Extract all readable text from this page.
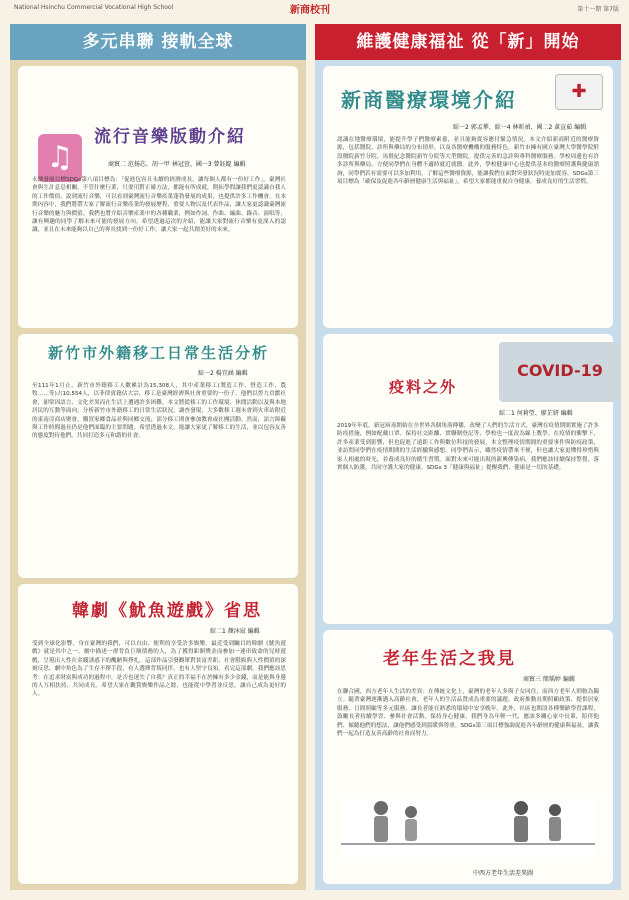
National Hsinchu Commercial Vocational High School	新商校刊	第十一期 第7版
多元串聯 接軌全球
♫
流行音樂版動介紹
商貿二 范扬芯、胡一甲 林冠萱、國一3 曾鈺緹 編輯
永續發展目標SDGs第八項目標為：「促進包容且永續的經濟成長，讓每個人都有一份好工作」。臺灣社會與生計息息相關，不管什麼行業，只要用對正確方法，都能有所成就，開拓學問讓我們更認識自我人的工作價值。說到流行音樂，可以看到臺灣流行音樂產業蓬勃發展的成果，也提供許多工作機會。在本期內容中，我們將帶大家了解流行音樂產業的發展歷程、重要人物以及代表作品，讓大家更認識臺灣流行音樂的魅力與價值。我們也將介紹音樂產業中的各種職業，例如作詞、作曲、編曲、錄音、演唱等，讓有興趣的同學了解未來可能的發展方向。希望透過這次的介紹，能讓大家對流行音樂有更深入的認識，並且在未來能夠以自己的專長找到一份好工作，讓大家一起共創美好的未來。
新竹市外籍移工日常生活分析
綜一2 楊宜涵 編輯
至111年1月止，新竹市外籍移工人數累計為15,308人，其中產業移工(製造工作、營造工作、農牧……等)占10,554人，以菲律賓籍佔大宗。移工是臺灣經濟與社會重要的一份子，他們以勞力貢獻社會，卻常因語言、文化差異而在生活上遭遇許多困難。本文將從移工的工作環境、休閒活動以及與本地居民的互動等面向，分析新竹市外籍移工的日常生活狀況。調查發現，大多數移工週末會到火車站附近的東南亞商店聚會，購買家鄉食品並與同鄉交流；部分移工則會參加教會或社團活動。然而，語言障礙與工作時間過長仍是他們面臨的主要問題。希望透過本文，能讓大家更了解移工的生活，並以包容友善的態度對待他們，共同打造多元和諧的社會。
韓劇《魷魚遊戲》省思
綜二1 顏沐宸 編輯
受到全球化影響，身在臺灣的我們，可以自由、便利的享受許多娛樂，最近受到矚目的韓劇《魷魚遊戲》就是其中之一。劇中描述一群背負巨額債務的人，為了獲得鉅額獎金而參加一連串致命的兒時遊戲，呈現出人性在金錢誘惑下的醜陋與掙扎。這部作品引發觀眾對貧富差距、社會階級與人性價值的深刻反思。劇中角色為了生存不擇手段，有人選擇背叛同伴，也有人堅守良知。看完這部劇，我們應該思考：在追求財富與成功的過程中，是否也迷失了自我？真正的幸福不在於擁有多少金錢，而是能與身邊的人互相扶持、共同成長。希望大家在觀賞娛樂作品之餘，也能從中學習並反思，讓自己成為更好的人。
維護健康福祉 從「新」開始
新商醫療環境介紹	✚
綜一2 郭孟華、綜一4 林昕禎、國二2 黃宣茹 編輯
認識在地醫療環境，能提升學子們醫療素養，並且能夠從容應付緊急情況。本文介紹新商附近的醫療資源，包括醫院、診所與藥局的分布情形，以及各醫療機構的服務特色。新竹市擁有國立臺灣大學醫學院附設醫院新竹分院、馬偕紀念醫院新竹分院等大型醫院，提供完善的急診與專科醫療服務。學校周邊也有許多診所與藥局，方便同學們在身體不適時就近就醫。此外，學校健康中心也提供基本的醫療照護與健康諮詢，同學們若有需要可以多加利用。了解這些醫療資源，能讓我們在面對突發狀況時更加從容。SDGs第三項目標為「確保及促進各年齡層健康生活與福祉」，希望大家都能重視自身健康，養成良好的生活習慣。
疫料之外
COVID-19
綜二1 何莉瑩、廖芷妍 編輯
2019年年底，新冠病毒開始在全世界各個角落傳播，改變了人們的生活方式。臺灣在疫情期間實施了許多防疫措施，例如配戴口罩、保持社交距離、實聯制登記等，學校也一度改為線上教學。在疫情的衝擊下，許多產業受到影響，但也促進了遠距工作與數位科技的發展。本文整理疫情期間的重要事件與防疫政策，並訪問同學們在疫情期間的生活經驗與感想。同學們表示，雖然疫情帶來不便，但也讓大家更懂得珍惜與家人相處的時光，並養成良好的衛生習慣。面對未來可能出現的新興傳染病，我們應該持續保持警覺，落實個人防護，共同守護大家的健康。SDGs 3「健康與福祉」提醒我們，健康是一切的基礎。
老年生活之我見
商貿三 簡瑀婷 編輯
在聯合國，西方老年人生活的差異：在傳統文化上，臺灣的老年人多與子女同住，而西方老年人則較為獨立。隨著臺灣逐漸邁入高齡社會，老年人的生活品質成為重要的議題。政府推動長期照顧政策，提供居家服務、日間照顧等多元服務，讓長者能在熟悉的環境中安享晚年。此外，社區也開設各種樂齡學習課程，鼓勵長者持續學習、參與社會活動，保持身心健康。我們身為年輕一代，應該多關心家中長輩，陪伴他們、傾聽他們的想法，讓他們感受到溫暖與尊重。SDGs第三項目標強調促進各年齡層的健康與福祉，讓我們一起為打造友善高齡的社會而努力。
中西方老年生活差異圖
